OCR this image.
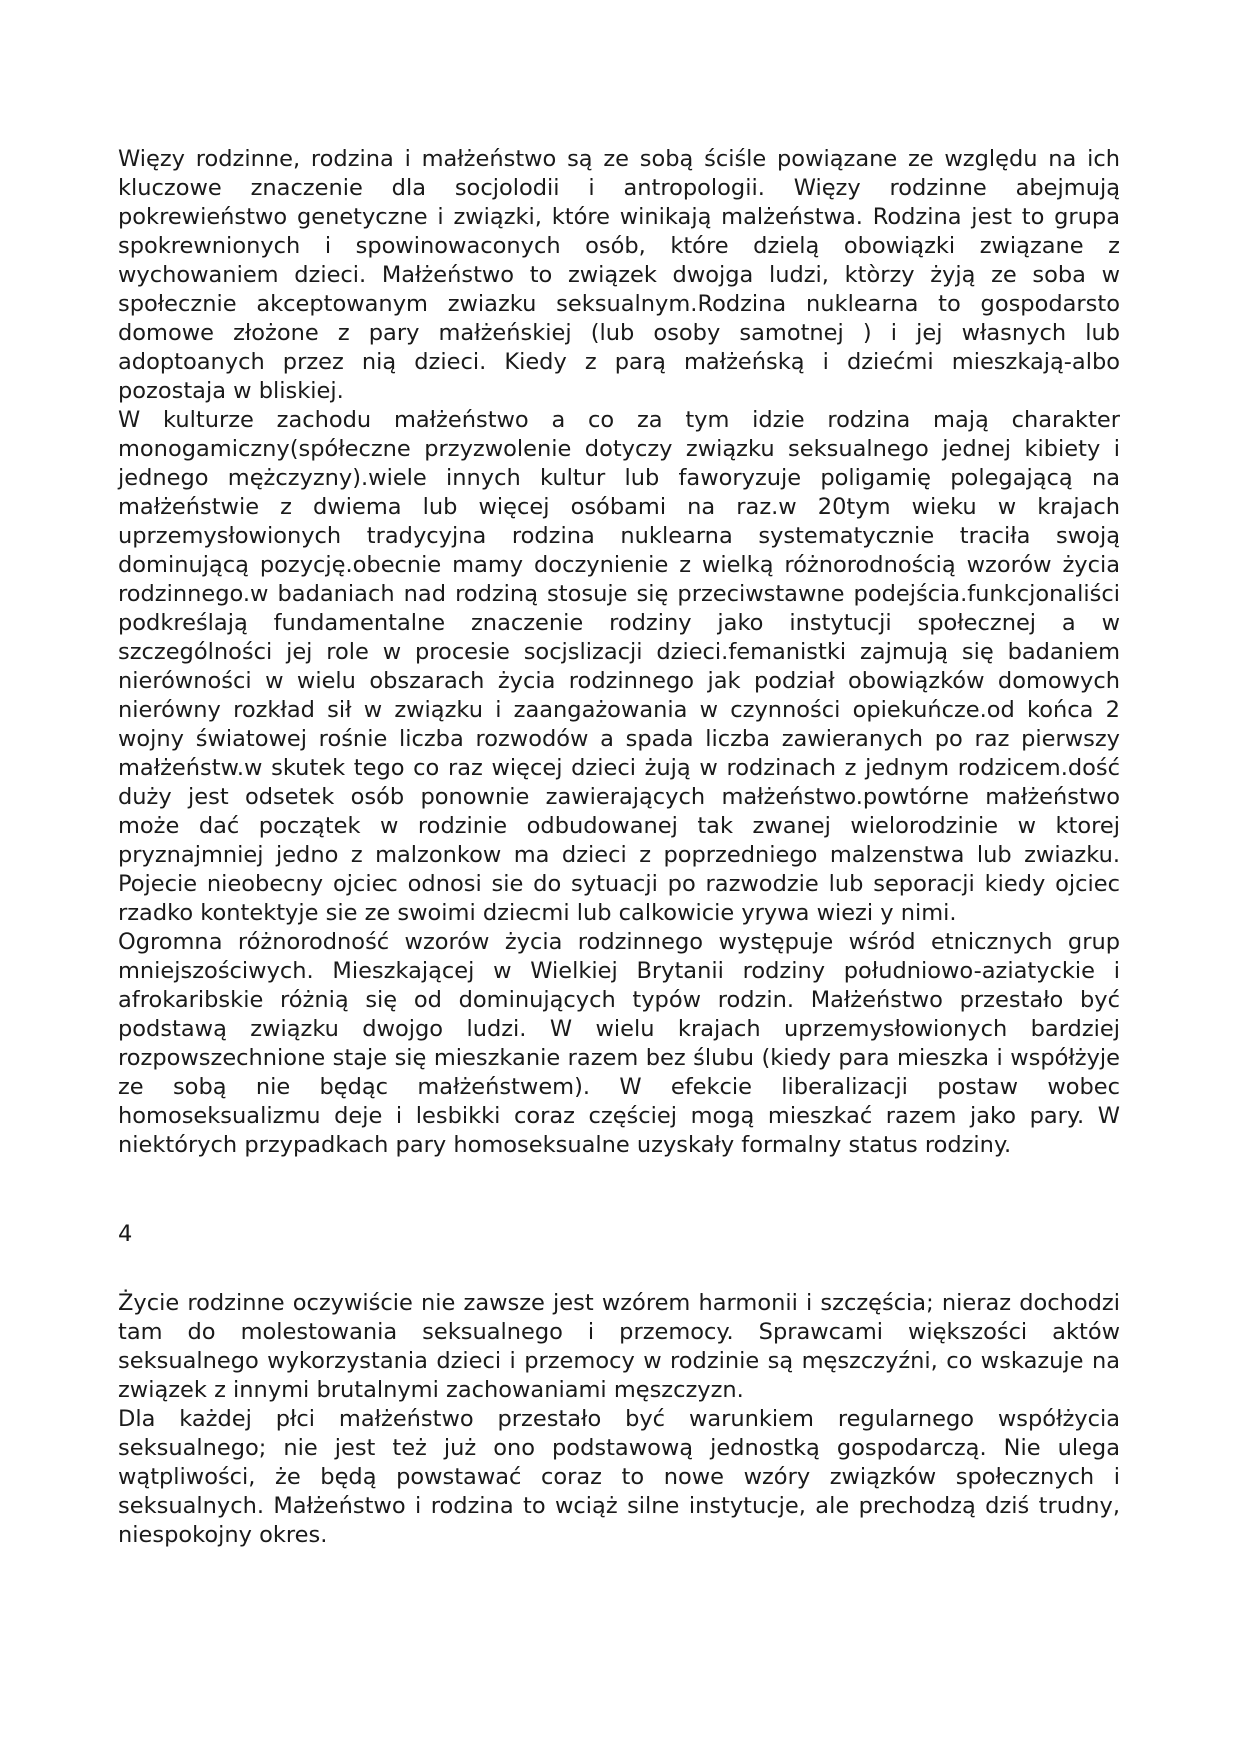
Więzy rodzinne, rodzina i małżeństwo są ze sobą ściśle powiązane ze względu na ich kluczowe znaczenie dla socjolodii i antropologii. Więzy rodzinne abejmują pokrewieństwo genetyczne i związki, które winikają malżeństwa. Rodzina jest to grupa spokrewnionych i spowinowaconych osób, które dzielą obowiązki związane z wychowaniem dzieci. Małżeństwo to związek dwojga ludzi, ktòrzy żyją ze soba w społecznie akceptowanym zwiazku seksualnym.Rodzina nuklearna to gospodarsto domowe złożone z pary małżeńskiej (lub osoby samotnej ) i jej własnych lub adoptoanych przez nią dzieci. Kiedy z parą małżeńską i dziećmi mieszkają-albo pozostaja w bliskiej.

W kulturze zachodu małżeństwo a co za tym idzie rodzina mają charakter monogamiczny(spółeczne przyzwolenie dotyczy związku seksualnego jednej kibiety i jednego mężczyzny).wiele innych kultur lub faworyzuje poligamię polegającą na małżeństwie z dwiema lub więcej osóbami na raz.w 20tym wieku w krajach uprzemysłowionych tradycyjna rodzina nuklearna systematycznie traciła swoją dominującą pozycję.obecnie mamy doczynienie z wielką różnorodnością wzorów życia rodzinnego.w badaniach nad rodziną stosuje się przeciwstawne podejścia.funkcjonaliści podkreślają fundamentalne znaczenie rodziny jako instytucji społecznej a w szczególności jej role w procesie socjslizacji dzieci.femanistki zajmują się badaniem nierówności w wielu obszarach życia rodzinnego jak podział obowiązków domowych nierówny rozkład sił w związku i zaangażowania w czynności opiekuńcze.od końca 2 wojny światowej rośnie liczba rozwodów a spada liczba zawieranych po raz pierwszy małżeństw.w skutek tego co raz więcej dzieci żują w rodzinach z jednym rodzicem.dość duży jest odsetek osób ponownie zawierających małżeństwo.powtórne małżeństwo może dać początek w rodzinie odbudowanej tak zwanej wielorodzinie w ktorej pryznajmniej jedno z malzonkow ma dzieci z poprzedniego malzenstwa lub zwiazku. Pojecie nieobecny ojciec odnosi sie do sytuacji po razwodzie lub seporacji kiedy ojciec rzadko kontektyje sie ze swoimi dziecmi lub calkowicie yrywa wiezi y nimi.

Ogromna różnorodność wzorów życia rodzinnego występuje wśród etnicznych grup mniejszościwych. Mieszkającej w Wielkiej Brytanii rodziny południowo-aziatyckie i afrokaribskie różnią się od dominujących typów rodzin. Małżeństwo przestało być podstawą związku dwojgo ludzi. W wielu krajach uprzemysłowionych bardziej rozpowszechnione staje się mieszkanie razem bez ślubu (kiedy para mieszka i współżyje ze sobą nie będąc małżeństwem). W efekcie liberalizacji postaw wobec homoseksualizmu deje i lesbikki coraz częściej mogą mieszkać razem jako pary. W niektórych przypadkach pary homoseksualne uzyskały formalny status rodziny.

4

Życie rodzinne oczywiście nie zawsze jest wzórem harmonii i szczęścia; nieraz dochodzi tam do molestowania seksualnego i przemocy. Sprawcami większości aktów seksualnego wykorzystania dzieci i przemocy w rodzinie są męszczyźni, co wskazuje na związek z innymi brutalnymi zachowaniami męszczyzn.

Dla każdej płci małżeństwo przestało być warunkiem regularnego współżycia seksualnego; nie jest też już ono podstawową jednostką gospodarczą. Nie ulega wątpliwości, że będą powstawać coraz to nowe wzóry związków społecznych i seksualnych. Małżeństwo i rodzina to wciąż silne instytucje, ale prechodzą dziś trudny, niespokojny okres.
